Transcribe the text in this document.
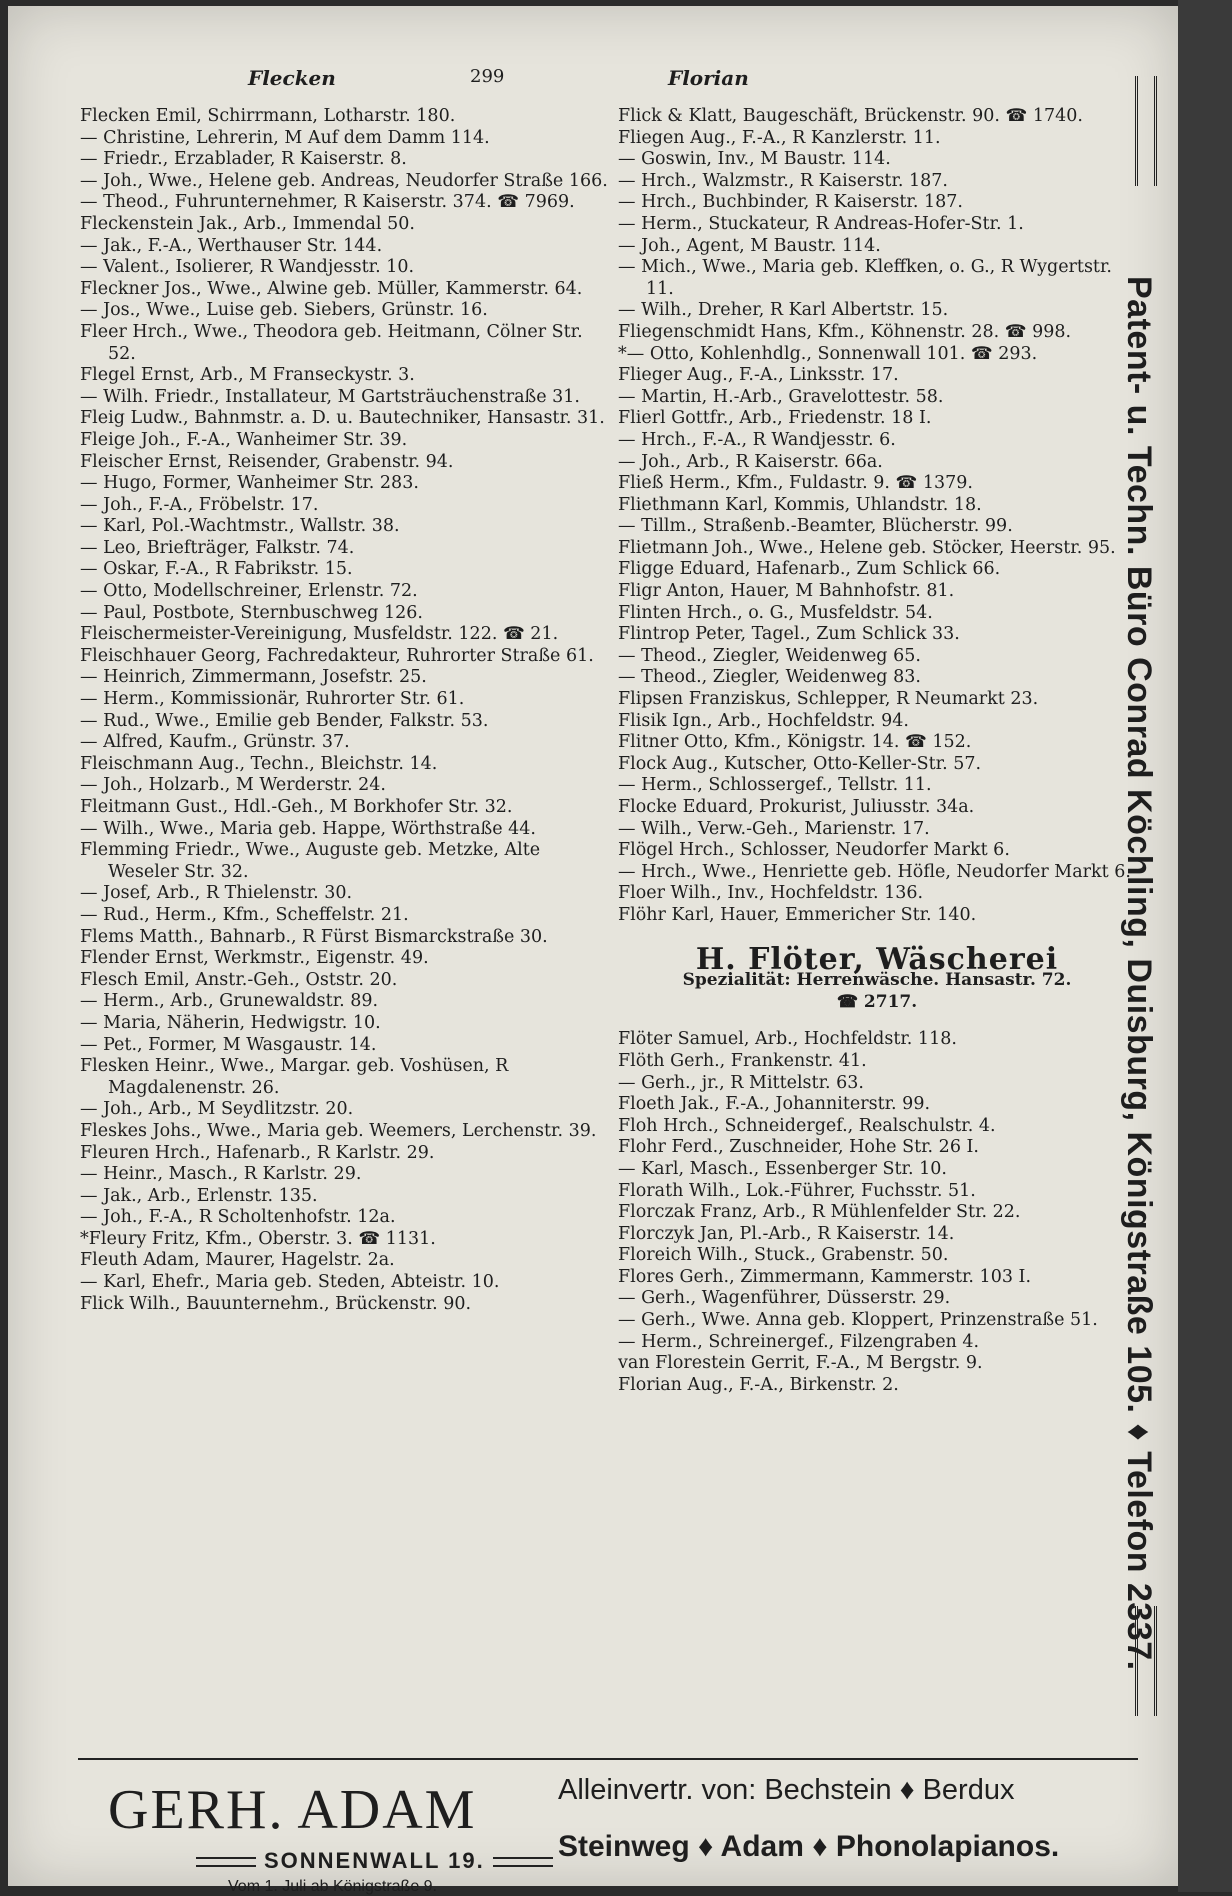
Flecken	299	Florian

Flecken Emil, Schirrmann, Lotharstr. 180.

— Christine, Lehrerin, M Auf dem Damm 114.

— Friedr., Erzablader, R Kaiserstr. 8.

— Joh., Wwe., Helene geb. Andreas, Neudorfer Straße 166.

— Theod., Fuhrunternehmer, R Kaiserstr. 374. ☎ 7969.

Fleckenstein Jak., Arb., Immendal 50.

— Jak., F.-A., Werthauser Str. 144.

— Valent., Isolierer, R Wandjesstr. 10.

Fleckner Jos., Wwe., Alwine geb. Müller, Kammerstr. 64.

— Jos., Wwe., Luise geb. Siebers, Grünstr. 16.

Fleer Hrch., Wwe., Theodora geb. Heitmann, Cölner Str. 52.

Flegel Ernst, Arb., M Franseckystr. 3.

— Wilh. Friedr., Installateur, M Gartsträuchenstraße 31.

Fleig Ludw., Bahnmstr. a. D. u. Bautechniker, Hansastr. 31.

Fleige Joh., F.-A., Wanheimer Str. 39.

Fleischer Ernst, Reisender, Grabenstr. 94.

— Hugo, Former, Wanheimer Str. 283.

— Joh., F.-A., Fröbelstr. 17.

— Karl, Pol.-Wachtmstr., Wallstr. 38.

— Leo, Briefträger, Falkstr. 74.

— Oskar, F.-A., R Fabrikstr. 15.

— Otto, Modellschreiner, Erlenstr. 72.

— Paul, Postbote, Sternbuschweg 126.

Fleischermeister-Vereinigung, Musfeldstr. 122. ☎ 21.

Fleischhauer Georg, Fachredakteur, Ruhrorter Straße 61.

— Heinrich, Zimmermann, Josefstr. 25.

— Herm., Kommissionär, Ruhrorter Str. 61.

— Rud., Wwe., Emilie geb Bender, Falkstr. 53.

— Alfred, Kaufm., Grünstr. 37.

Fleischmann Aug., Techn., Bleichstr. 14.

— Joh., Holzarb., M Werderstr. 24.

Fleitmann Gust., Hdl.-Geh., M Borkhofer Str. 32.

— Wilh., Wwe., Maria geb. Happe, Wörthstraße 44.

Flemming Friedr., Wwe., Auguste geb. Metzke, Alte Weseler Str. 32.

— Josef, Arb., R Thielenstr. 30.

— Rud., Herm., Kfm., Scheffelstr. 21.

Flems Matth., Bahnarb., R Fürst Bismarckstraße 30.

Flender Ernst, Werkmstr., Eigenstr. 49.

Flesch Emil, Anstr.-Geh., Oststr. 20.

— Herm., Arb., Grunewaldstr. 89.

— Maria, Näherin, Hedwigstr. 10.

— Pet., Former, M Wasgaustr. 14.

Flesken Heinr., Wwe., Margar. geb. Voshüsen, R Magdalenenstr. 26.

— Joh., Arb., M Seydlitzstr. 20.

Fleskes Johs., Wwe., Maria geb. Weemers, Lerchenstr. 39.

Fleuren Hrch., Hafenarb., R Karlstr. 29.

— Heinr., Masch., R Karlstr. 29.

— Jak., Arb., Erlenstr. 135.

— Joh., F.-A., R Scholtenhofstr. 12a.

*Fleury Fritz, Kfm., Oberstr. 3. ☎ 1131.

Fleuth Adam, Maurer, Hagelstr. 2a.

— Karl, Ehefr., Maria geb. Steden, Abteistr. 10.

Flick Wilh., Bauunternehm., Brückenstr. 90.

Flick & Klatt, Baugeschäft, Brückenstr. 90. ☎ 1740.

Fliegen Aug., F.-A., R Kanzlerstr. 11.

— Goswin, Inv., M Baustr. 114.

— Hrch., Walzmstr., R Kaiserstr. 187.

— Hrch., Buchbinder, R Kaiserstr. 187.

— Herm., Stuckateur, R Andreas-Hofer-Str. 1.

— Joh., Agent, M Baustr. 114.

— Mich., Wwe., Maria geb. Kleffken, o. G., R Wygertstr. 11.

— Wilh., Dreher, R Karl Albertstr. 15.

Fliegenschmidt Hans, Kfm., Köhnenstr. 28. ☎ 998.

*— Otto, Kohlenhdlg., Sonnenwall 101. ☎ 293.

Flieger Aug., F.-A., Linksstr. 17.

— Martin, H.-Arb., Gravelottestr. 58.

Flierl Gottfr., Arb., Friedenstr. 18 I.

— Hrch., F.-A., R Wandjesstr. 6.

— Joh., Arb., R Kaiserstr. 66a.

Fließ Herm., Kfm., Fuldastr. 9. ☎ 1379.

Fliethmann Karl, Kommis, Uhlandstr. 18.

— Tillm., Straßenb.-Beamter, Blücherstr. 99.

Flietmann Joh., Wwe., Helene geb. Stöcker, Heerstr. 95.

Fligge Eduard, Hafenarb., Zum Schlick 66.

Fligr Anton, Hauer, M Bahnhofstr. 81.

Flinten Hrch., o. G., Musfeldstr. 54.

Flintrop Peter, Tagel., Zum Schlick 33.

— Theod., Ziegler, Weidenweg 65.

— Theod., Ziegler, Weidenweg 83.

Flipsen Franziskus, Schlepper, R Neumarkt 23.

Flisik Ign., Arb., Hochfeldstr. 94.

Flitner Otto, Kfm., Königstr. 14. ☎ 152.

Flock Aug., Kutscher, Otto-Keller-Str. 57.

— Herm., Schlossergef., Tellstr. 11.

Flocke Eduard, Prokurist, Juliusstr. 34a.

— Wilh., Verw.-Geh., Marienstr. 17.

Flögel Hrch., Schlosser, Neudorfer Markt 6.

— Hrch., Wwe., Henriette geb. Höfle, Neudorfer Markt 6.

Floer Wilh., Inv., Hochfeldstr. 136.

Flöhr Karl, Hauer, Emmericher Str. 140.

H. Flöter, Wäscherei
Spezialität: Herrenwäsche. Hansastr. 72.
☎ 2717.

Flöter Samuel, Arb., Hochfeldstr. 118.

Flöth Gerh., Frankenstr. 41.

— Gerh., jr., R Mittelstr. 63.

Floeth Jak., F.-A., Johanniterstr. 99.

Floh Hrch., Schneidergef., Realschulstr. 4.

Flohr Ferd., Zuschneider, Hohe Str. 26 I.

— Karl, Masch., Essenberger Str. 10.

Florath Wilh., Lok.-Führer, Fuchsstr. 51.

Florczak Franz, Arb., R Mühlenfelder Str. 22.

Florczyk Jan, Pl.-Arb., R Kaiserstr. 14.

Floreich Wilh., Stuck., Grabenstr. 50.

Flores Gerh., Zimmermann, Kammerstr. 103 I.

— Gerh., Wagenführer, Düsserstr. 29.

— Gerh., Wwe. Anna geb. Kloppert, Prinzenstraße 51.

— Herm., Schreinergef., Filzengraben 4.

van Florestein Gerrit, F.-A., M Bergstr. 9.

Florian Aug., F.-A., Birkenstr. 2.	Patent- u. Techn. Büro Conrad Köchling, Duisburg, Königstraße 105. ♦ Telefon 2337.
GERH. ADAM
SONNENWALL 19.
Vom 1. Juli ab Königstraße 9.
Alleinvertr. von: Bechstein ♦ Berdux
Steinweg ♦ Adam ♦ Phonolapianos.
